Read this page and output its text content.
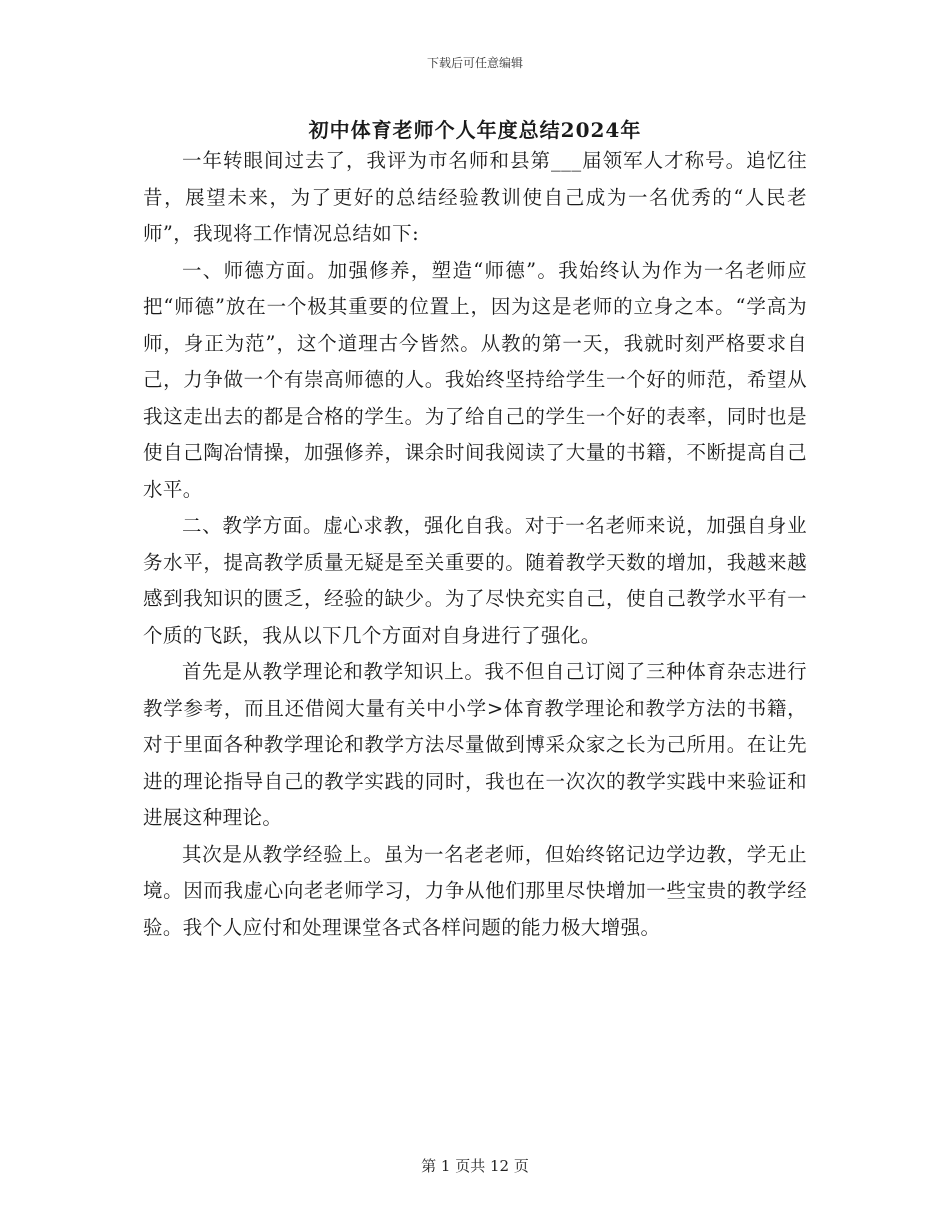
下载后可任意编辑
初中体育老师个人年度总结2024年

一年转眼间过去了，我评为市名师和县第___届领军人才称号。追忆往昔，展望未来，为了更好的总结经验教训使自己成为一名优秀的“人民老师”，我现将工作情况总结如下:

一、师德方面。加强修养，塑造“师德”。我始终认为作为一名老师应把“师德”放在一个极其重要的位置上，因为这是老师的立身之本。“学高为师，身正为范”，这个道理古今皆然。从教的第一天，我就时刻严格要求自己，力争做一个有崇高师德的人。我始终坚持给学生一个好的师范，希望从我这走出去的都是合格的学生。为了给自己的学生一个好的表率，同时也是使自己陶冶情操，加强修养，课余时间我阅读了大量的书籍，不断提高自己水平。

二、教学方面。虚心求教，强化自我。对于一名老师来说，加强自身业务水平，提高教学质量无疑是至关重要的。随着教学天数的增加，我越来越感到我知识的匮乏，经验的缺少。为了尽快充实自己，使自己教学水平有一个质的飞跃，我从以下几个方面对自身进行了强化。

首先是从教学理论和教学知识上。我不但自己订阅了三种体育杂志进行教学参考，而且还借阅大量有关中小学>体育教学理论和教学方法的书籍，对于里面各种教学理论和教学方法尽量做到博采众家之长为己所用。在让先进的理论指导自己的教学实践的同时，我也在一次次的教学实践中来验证和进展这种理论。

其次是从教学经验上。虽为一名老老师，但始终铭记边学边教，学无止境。因而我虚心向老老师学习，力争从他们那里尽快增加一些宝贵的教学经验。我个人应付和处理课堂各式各样问题的能力极大增强。

第 1 页共 12 页
